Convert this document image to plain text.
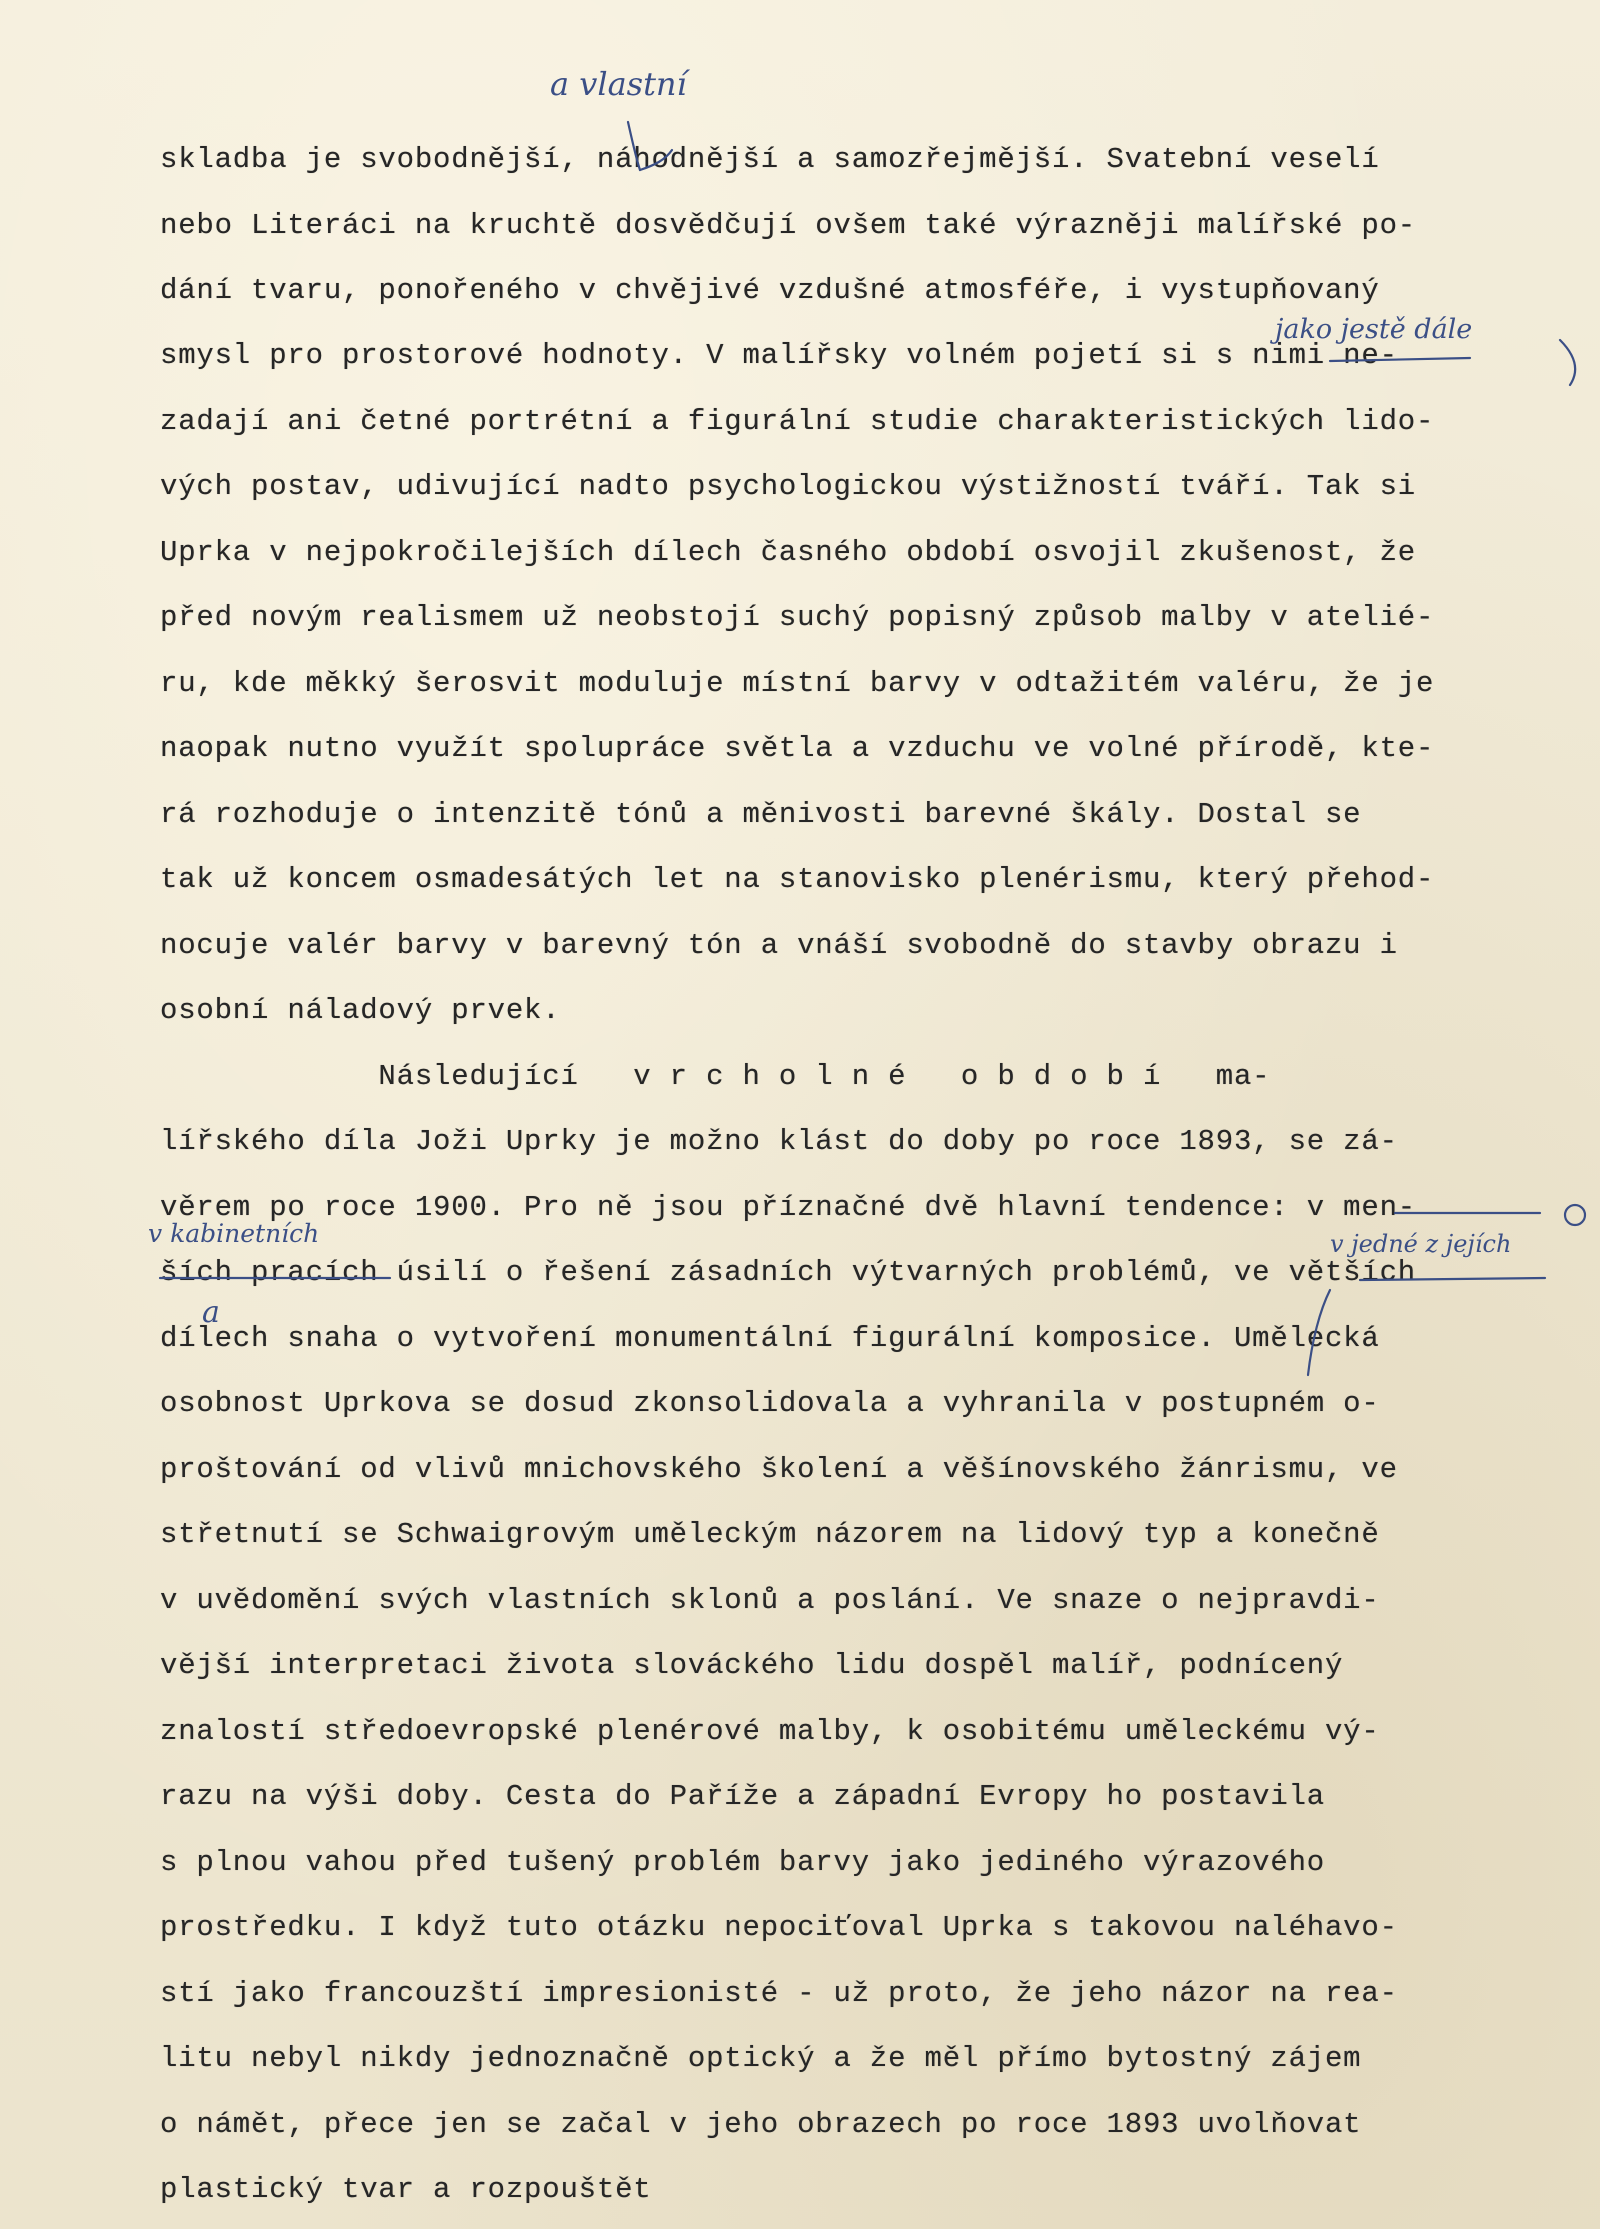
skladba je svobodnější, náhodnější a samozřejmější. Svatební veselí
nebo Literáci na kruchtě dosvědčují ovšem také výrazněji malířské po-
dání tvaru, ponořeného v chvějivé vzdušné atmosféře, i vystupňovaný
smysl pro prostorové hodnoty. V malířsky volném pojetí si s nimi ne-
zadají ani četné portrétní a figurální studie charakteristických lido-
vých postav, udivující nadto psychologickou výstižností tváří. Tak si
Uprka v nejpokročilejších dílech časného období osvojil zkušenost, že
před novým realismem už neobstojí suchý popisný způsob malby v atelié-
ru, kde měkký šerosvit moduluje místní barvy v odtažitém valéru, že je
naopak nutno využít spolupráce světla a vzduchu ve volné přírodě, kte-
rá rozhoduje o intenzitě tónů a měnivosti barevné škály. Dostal se
tak už koncem osmadesátých let na stanovisko plenérismu, který přehod-
nocuje valér barvy v barevný tón a vnáší svobodně do stavby obrazu i
osobní náladový prvek.
Následující   v r c h o l n é   o b d o b í   ma-
lířského díla Joži Uprky je možno klást do doby po roce 1893, se zá-
věrem po roce 1900. Pro ně jsou příznačné dvě hlavní tendence: v men-
ších pracích úsilí o řešení zásadních výtvarných problémů, ve větších
dílech snaha o vytvoření monumentální figurální komposice. Umělecká
osobnost Uprkova se dosud zkonsolidovala a vyhranila v postupném o-
proštování od vlivů mnichovského školení a věšínovského žánrismu, ve
střetnutí se Schwaigrovým uměleckým názorem na lidový typ a konečně
v uvědomění svých vlastních sklonů a poslání. Ve snaze o nejpravdi-
vější interpretaci života slováckého lidu dospěl malíř, podnícený
znalostí středoevropské plenérové malby, k osobitému uměleckému vý-
razu na výši doby. Cesta do Paříže a západní Evropy ho postavila
s plnou vahou před tušený problém barvy jako jediného výrazového
prostředku. I když tuto otázku nepociťoval Uprka s takovou naléhavo-
stí jako francouzští impresionisté - už proto, že jeho názor na rea-
litu nebyl nikdy jednoznačně optický a že měl přímo bytostný zájem
o námět, přece jen se začal v jeho obrazech po roce 1893 uvolňovat
plastický tvar a rozpouštět
a vlastní
jako jestě dále
v kabinetních	v jedné z jejích
a
